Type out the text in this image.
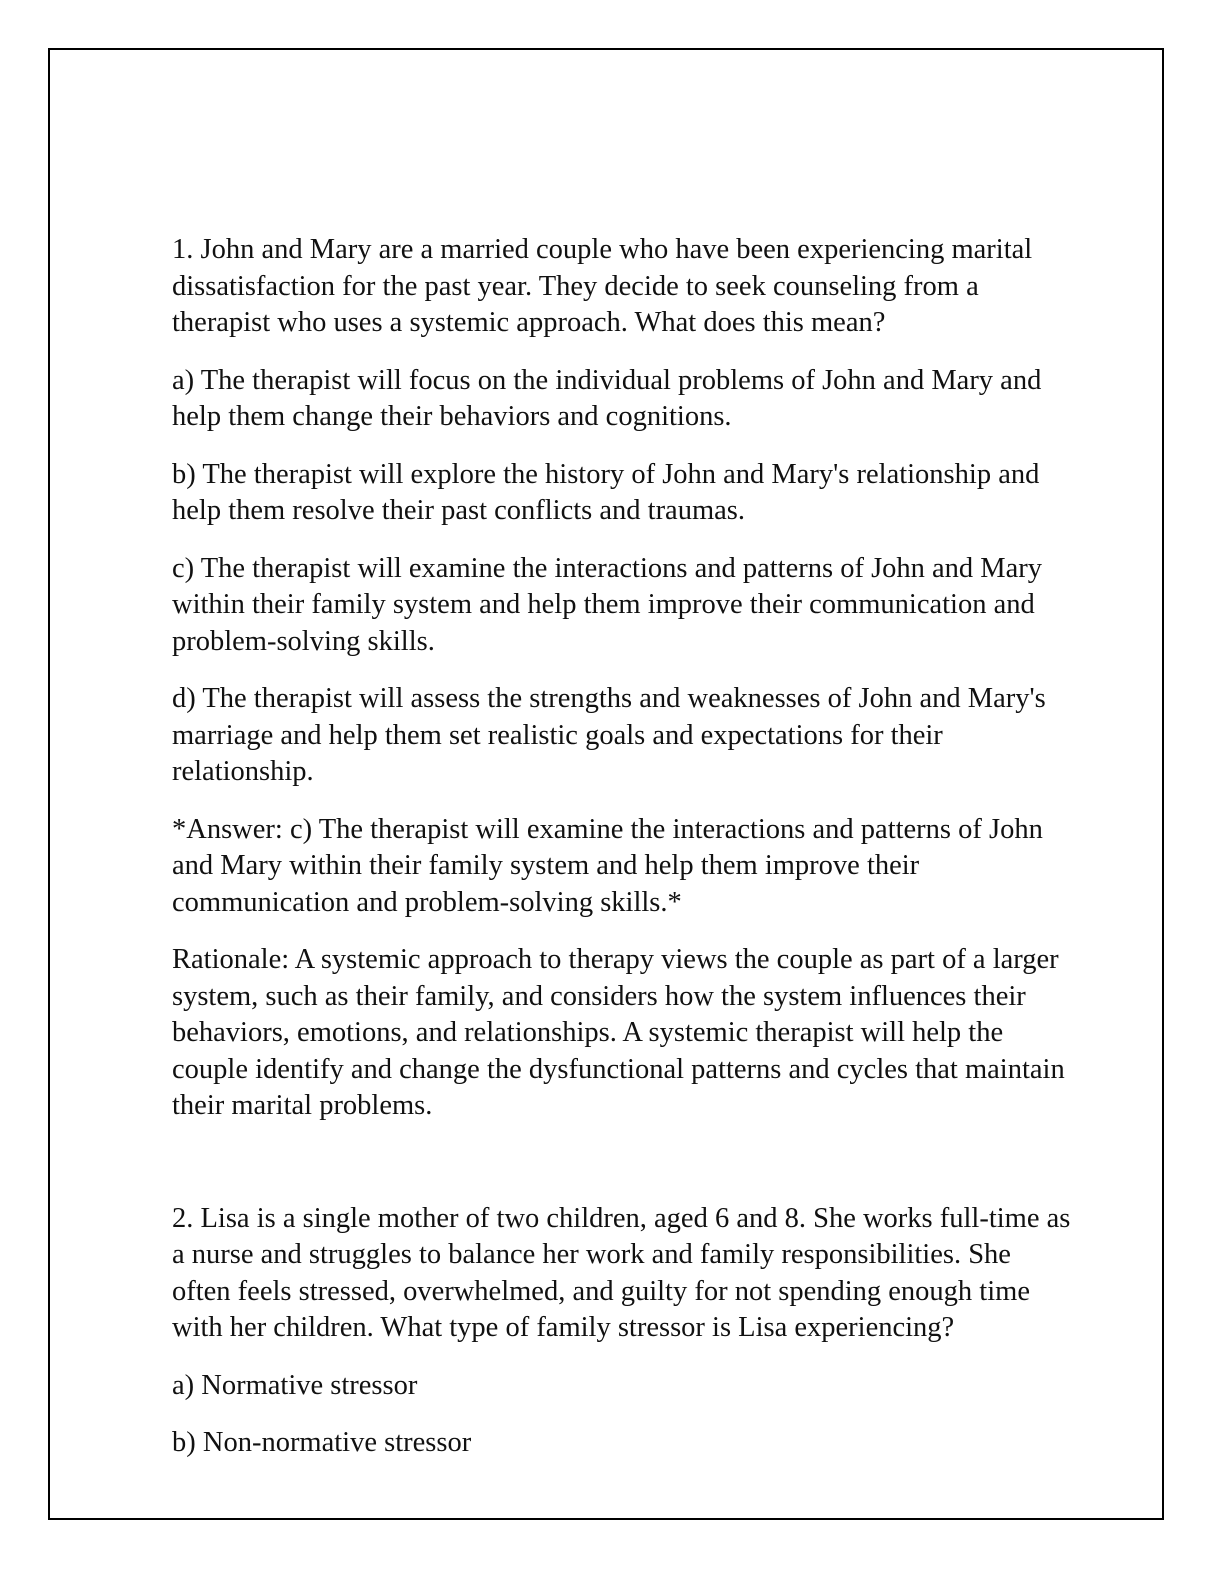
1. John and Mary are a married couple who have been experiencing marital dissatisfaction for the past year. They decide to seek counseling from a therapist who uses a systemic approach. What does this mean?

a) The therapist will focus on the individual problems of John and Mary and help them change their behaviors and cognitions.

b) The therapist will explore the history of John and Mary's relationship and help them resolve their past conflicts and traumas.

c) The therapist will examine the interactions and patterns of John and Mary within their family system and help them improve their communication and problem-solving skills.

d) The therapist will assess the strengths and weaknesses of John and Mary's marriage and help them set realistic goals and expectations for their relationship.

*Answer: c) The therapist will examine the interactions and patterns of John and Mary within their family system and help them improve their communication and problem-solving skills.*

Rationale: A systemic approach to therapy views the couple as part of a larger system, such as their family, and considers how the system influences their behaviors, emotions, and relationships. A systemic therapist will help the couple identify and change the dysfunctional patterns and cycles that maintain their marital problems.

2. Lisa is a single mother of two children, aged 6 and 8. She works full-time as a nurse and struggles to balance her work and family responsibilities. She often feels stressed, overwhelmed, and guilty for not spending enough time with her children. What type of family stressor is Lisa experiencing?

a) Normative stressor

b) Non-normative stressor
